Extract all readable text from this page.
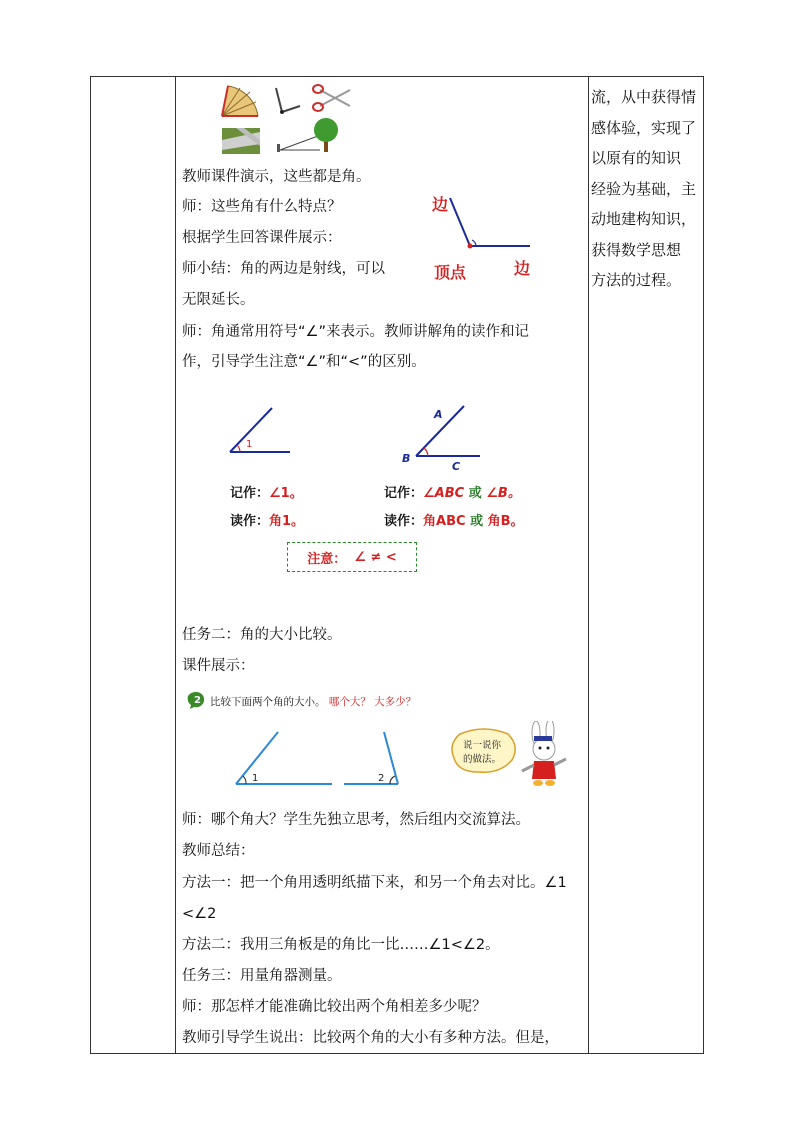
流，从中获得情
感体验，实现了
以原有的知识
经验为基础，主
动地建构知识，
获得数学思想
方法的过程。
教师课件演示，这些都是角。
师：这些角有什么特点？
根据学生回答课件展示：
师小结：角的两边是射线，可以
无限延长。
师：角通常用符号“∠”来表示。教师讲解角的读作和记
作，引导学生注意“∠”和“<”的区别。
边
顶点	边
1
A
B
C
记作：∠1。
读作：角1。
记作：∠ABC 或 ∠B。
读作：角ABC 或 角B。
注意： ∠ ≠ <
任务二：角的大小比较。
课件展示：
2 比较下面两个角的大小。 哪个大？ 大多少？
1	2
说一说你
的做法。
师：哪个角大？学生先独立思考，然后组内交流算法。
教师总结：
方法一：把一个角用透明纸描下来，和另一个角去对比。∠1
<∠2
方法二：我用三角板是的角比一比……∠1<∠2。
任务三：用量角器测量。
师：那怎样才能准确比较出两个角相差多少呢？
教师引导学生说出：比较两个角的大小有多种方法。但是，
